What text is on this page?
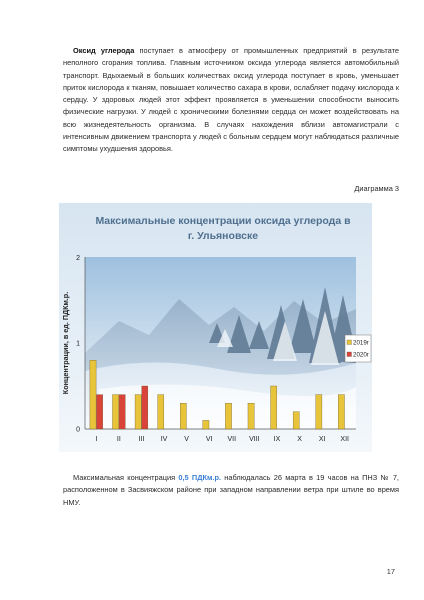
Оксид углерода поступает в атмосферу от промышленных предприятий в результате неполного сгорания топлива. Главным источником оксида углерода является автомобильный транспорт. Вдыхаемый в больших количествах оксид углерода поступает в кровь, уменьшает приток кислорода к тканям, повышает количество сахара в крови, ослабляет подачу кислорода к сердцу. У здоровых людей этот эффект проявляется в уменьшении способности выносить физические нагрузки. У людей с хроническими болезнями сердца он может воздействовать на всю жизнедеятельность организма. В случаях нахождения вблизи автомагистрали с интенсивным движением транспорта у людей с больным сердцем могут наблюдаться различные симптомы ухудшения здоровья.

Диаграмма 3

Максимальные концентрации оксида углерода в
г. Ульяновске
0
1
2
Концентрации, в ед. ПДКм.р.
I	II	III IV V VI VII VIII IX X XI XII
2019г
2020г

Максимальная концентрация 0,5 ПДКм.р. наблюдалась 26 марта в 19 часов на ПНЗ № 7, расположенном в Засвияжском районе при западном направлении ветра при штиле во время НМУ.

17
